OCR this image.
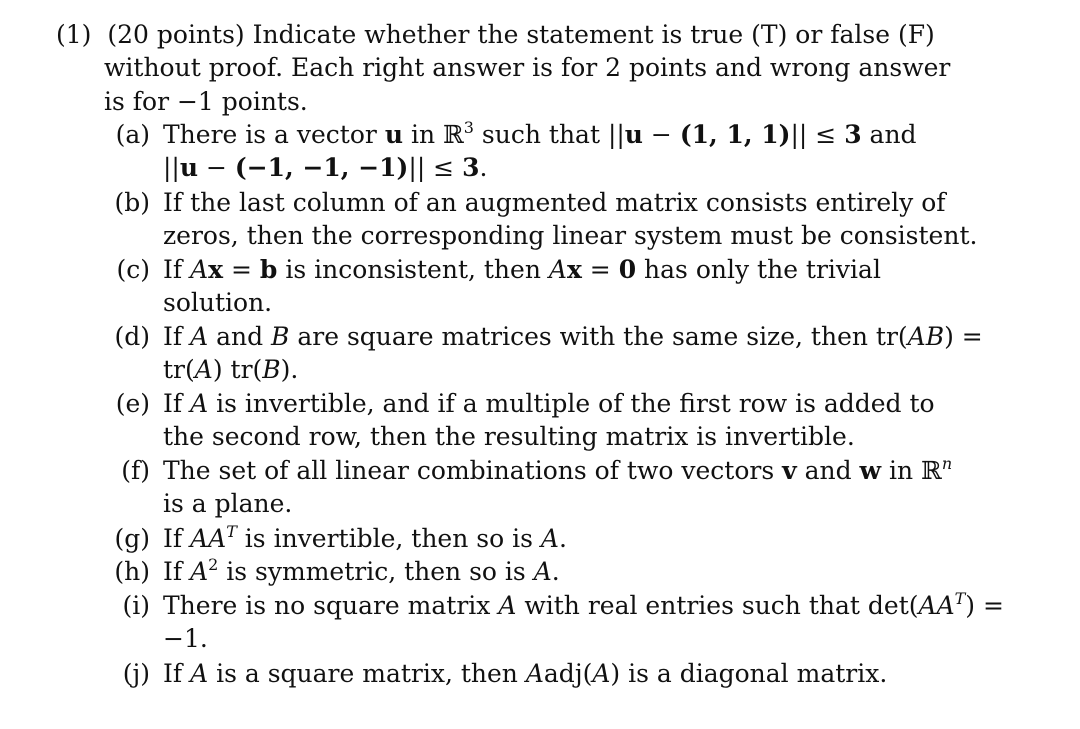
(1) (20 points) Indicate whether the statement is true (T) or false (F)
without proof. Each right answer is for 2 points and wrong answer
is for −1 points.
(a) There is a vector u in ℝ$^3$ such that ||u − (1, 1, 1)|| ≤ 3 and
||u − (−1, −1, −1)|| ≤ 3.
(b) If the last column of an augmented matrix consists entirely of
zeros, then the corresponding linear system must be consistent.
(c) If Ax = b is inconsistent, then Ax = 0 has only the trivial
solution.
(d) If A and B are square matrices with the same size, then tr(AB) =
tr(A) tr(B).
(e) If A is invertible, and if a multiple of the first row is added to
the second row, then the resulting matrix is invertible.
(f) The set of all linear combinations of two vectors v and w in ℝ$^n$
is a plane.
(g) If $AA^T$ is invertible, then so is A.
(h) If $A^2$ is symmetric, then so is A.
(i) There is no square matrix A with real entries such that $\det(AA^T)$ =
−1.
(j) If A is a square matrix, then Aadj(A) is a diagonal matrix.
